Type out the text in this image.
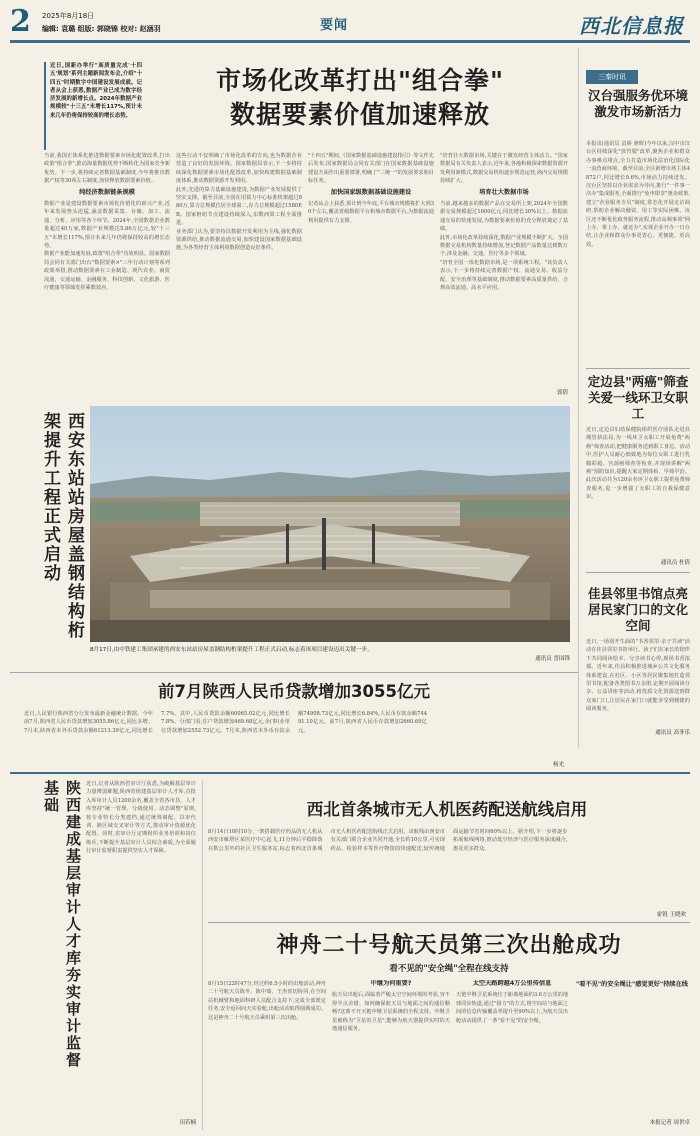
2 2025年8月18日
编辑: 袁璐 组版: 郭晓锦 校对: 赵涵羽	要闻	西北信息报
近日,国新办举行"高质量完成'十四五'规划"系列主题新闻发布会,介绍"十四五"时期数字中国建设发展成就。记者从会上获悉,数据产业已成为数字经济发展的新增长点。2024年数据产业规模较"十三五"末增长117%,预计未来几年仍将保持较高的增长态势。
市场化改革打出"组合拳"
数据要素价值加速释放
当前,我国正体系化推进数据要素市场化配置改革,打出政策"组合拳",推动海量数据优势不断转化为国家竞争新优势。下一步,将持续完善数据基础制度,今年将推出数据产权等30项左右制度,加快释放数据要素价值。
纯经济数据链条规模
数据产业是建设数据要素市场化价值化的新兴产业,近年来发展势头迅猛,涵盖数据采集、存储、加工、流通、分析、应用等各个环节。2024年,全国数据企业数量超过40万家,数据产业规模达5.86万亿元,较"十三五"末增长117%,预计未来几年仍将保持较高的增长态势。
数据产业能加速发展,政策"组合拳"功效明显。国家数据局会同有关部门出台"数据要素×"三年行动计划等系列政策举措,推动数据要素在工业制造、现代农业、商贸流通、交通运输、金融服务、科技创新、文化旅游、医疗健康等领域发挥乘数效应。
这些行动不仅明确了市场化改革的方向,也为数据企业营造了良好的发展环境。国家数据局表示,下一步将持续深化数据要素市场化配置改革,加快构建数据基础制度体系,推动数据资源开发利用。
此外,先进的算力基础设施建设,为数据产业发展提供了坚实支撑。截至目前,全国在用算力中心标准机架超过880万,算力总规模位居全球第二,存力总规模超过1580EB。国家枢纽节点建设持续深入,东数西算工程全面推进。
业务部门认为,要坚持以数据开发利用为主线,强化数据资源供给,推动数据流通交易,加快建设国家数据基础设施,为各类经营主体利用数据创造良好条件。
"十四五"期间,《国家数据基础设施建设指引》等文件先后发布,国家数据局会同有关部门在国家数据基础设施建设方面作出重要部署,明确了"三统一"的发展要求和目标任务。
加快国家级数据基础设施建设
记者从会上获悉,预计到今年底,平台城市规模将扩大到30个左右,覆盖省级数据平台和城市数据平台,为数据流通利用提供有力支撑。
"培育壮大数据市场,关键在于激发经营主体活力。"国家数据局有关负责人表示,近年来,各地积极探索数据资源开发利用新模式,数据交易机构逐步规范运营,场内交易规模持续扩大。
培育壮大数据市场
当前,越来越多的数据产品在交易所上架,2024年全国数据交易规模超过1600亿元,同比增长30%以上。数据流通交易的快速发展,为数据要素价值的充分释放奠定了基础。
此外,市场化改革持续深化,数据产业规模不断扩大。全国数据交易机构数量持续增加,登记数据产品数量达到数万个,涉及金融、交通、医疗等多个领域。
"培育全国一体化数据市场,是一项系统工程。"该负责人表示,下一步将持续完善数据产权、流通交易、收益分配、安全治理等基础制度,推动数据要素高质量供给、合规高效流通、高水平应用。
郭倩
三秦时讯
汉台强服务优环境激发市场新活力
本报讯(通讯员 袁娇 廖晖)今年以来,汉中市汉台区持续深化"放管服"改革,聚焦企业和群众办事难点堵点,全力打造市场化法治化国际化一流营商环境。截至目前,全区新增市场主体4872户,同比增长9.6%,市场活力持续迸发。汉台区坚持以企业需求为导向,推行"一件事一次办"集成服务,全面推行"免申即享"惠企政策,建立"企业服务专员"制度,常态化开展走访调研,帮助企业解决融资、用工等实际困难。该区还不断优化政务服务流程,推动高频事项"网上办、掌上办、就近办",实现企业开办一日办结,让企业和群众办事更省心、更便捷、更高效。
定边县"两癌"筛查关爱一线环卫女职工
近日,定边县妇幼保健院组织医疗团队走进县城管执法局,为一线环卫女职工开展免费"两癌"筛查活动,把健康服务送到职工身边。活动中,医护人员耐心细致地为每位女职工进行乳腺彩超、宫颈癌筛查等检查,并现场讲解"两癌"预防知识,提醒大家定期体检、早筛早治。此次活动共为120余名环卫女职工提供免费筛查服务,进一步增强了女职工的自我保健意识。
通讯员 杜倩
佳县邻里书馆点亮居民家门口的文化空间
近日,一场别开生面的"书香邻里·亲子共读"活动在佳县邻里书馆举行。孩子们在家长的陪伴下共同阅读绘本、分享读书心得,现场书香浓郁。近年来,佳县积极推进城乡公共文化服务体系建设,在社区、小区等居民聚集地打造邻里书馆,配备各类图书万余册,定期开展阅读分享、公益讲座等活动,将优质文化资源送到群众家门口,让居民在家门口就能享受到便捷的阅读服务。
通讯员 高菲乐
西安东站站房屋盖钢结构桁架提升工程正式启动
8月17日,由中铁建工集团承建的西安东站站房屋盖钢结构桁架提升工程正式启动,标志着该项目建设迈出关键一步。
通讯员 晋国锋
前7月陕西人民币贷款增加3055亿元
近日,人民银行陕西省分行发布最新金融统计数据。今年前7月,陕西省人民币贷款增加3055.86亿元,同比多增。7月末,陕西省本外币贷款余额61213.39亿元,同比增长7.7%。其中,人民币贷款余额60065.02亿元,同比增长7.8%。分部门看,住户贷款增加469.68亿元,企(事)业单位贷款增加2552.73亿元。7月末,陕西省本外币存款余额74908.73亿元,同比增长6.84%,人民币存款余额74491.10亿元。前7月,陕西省人民币存款增加2660.69亿元。
杨光
陕西建成基层审计人才库夯实审计监督基础	近日,记者从陕西省审计厅获悉,为破解基层审计力量薄弱难题,陕西省组建基层审计人才库,首批入库审计人员1200余名,覆盖全省各市县。人才库坚持"统一管理、分级使用、动态调整"原则,按专业特长分类建档,通过统筹调配、以审代训、跨区域交叉审计等方式,推动审计资源优化配置。同时,省审计厅定期组织业务培训和岗位练兵,不断提升基层审计人员综合素质,为全面履行审计监督职责提供坚实人才保障。
田若楠
西北首条城市无人机医药配送航线启用
8月14日10时10分,一架搭载医疗药品的无人机从西安市雁塔区某医疗中心起飞,11分钟后平稳降落在数公里外的社区卫生服务站,标志着西北首条城市无人机医药配送航线正式启用。该航线由西安市有关部门联合企业共同开通,全长约10公里,可实现药品、检验样本等医疗物资的快速配送,较传统地面运输节省时间60%以上。据介绍,下一步将逐步拓展航线网络,推动低空经济与医疗服务深度融合,惠及更多群众。
霍锐 王晓欢
神舟二十号航天员第三次出舱成功
看不见的"安全绳"全程在线支持
8月15日22时47分,经过约6.5小时的出舱活动,神舟二十号航天员陈冬、陈中瑞、王杰密切协同,在空间站机械臂和地面科研人员配合支持下,完成全部既定任务,安全返回问天实验舱,出舱活动取得圆满成功。这是神舟二十号航天员乘组第三次出舱。
中继为何重要?
航天员出舱后,面临着严峻太空空间环境的考验,容不得半点差错。如何确保航天员与地面之间的通信顺畅?这离不开天链中继卫星系统的全程支持。中继卫星被称为"卫星的卫星",能够为航天器提供实时的天地通信服务。
太空天路跨越4万公里传信息
天链中继卫星系统位于距离地面约3.6万公里的地球同步轨道,通过"接力"的方式,将空间站与地面之间的信息传输覆盖率提升至90%以上,为航天员出舱活动提供了一条"看不见"的安全绳。
"看不见"的安全绳让"感觉更好"持续在线
本报记者 周世卓
